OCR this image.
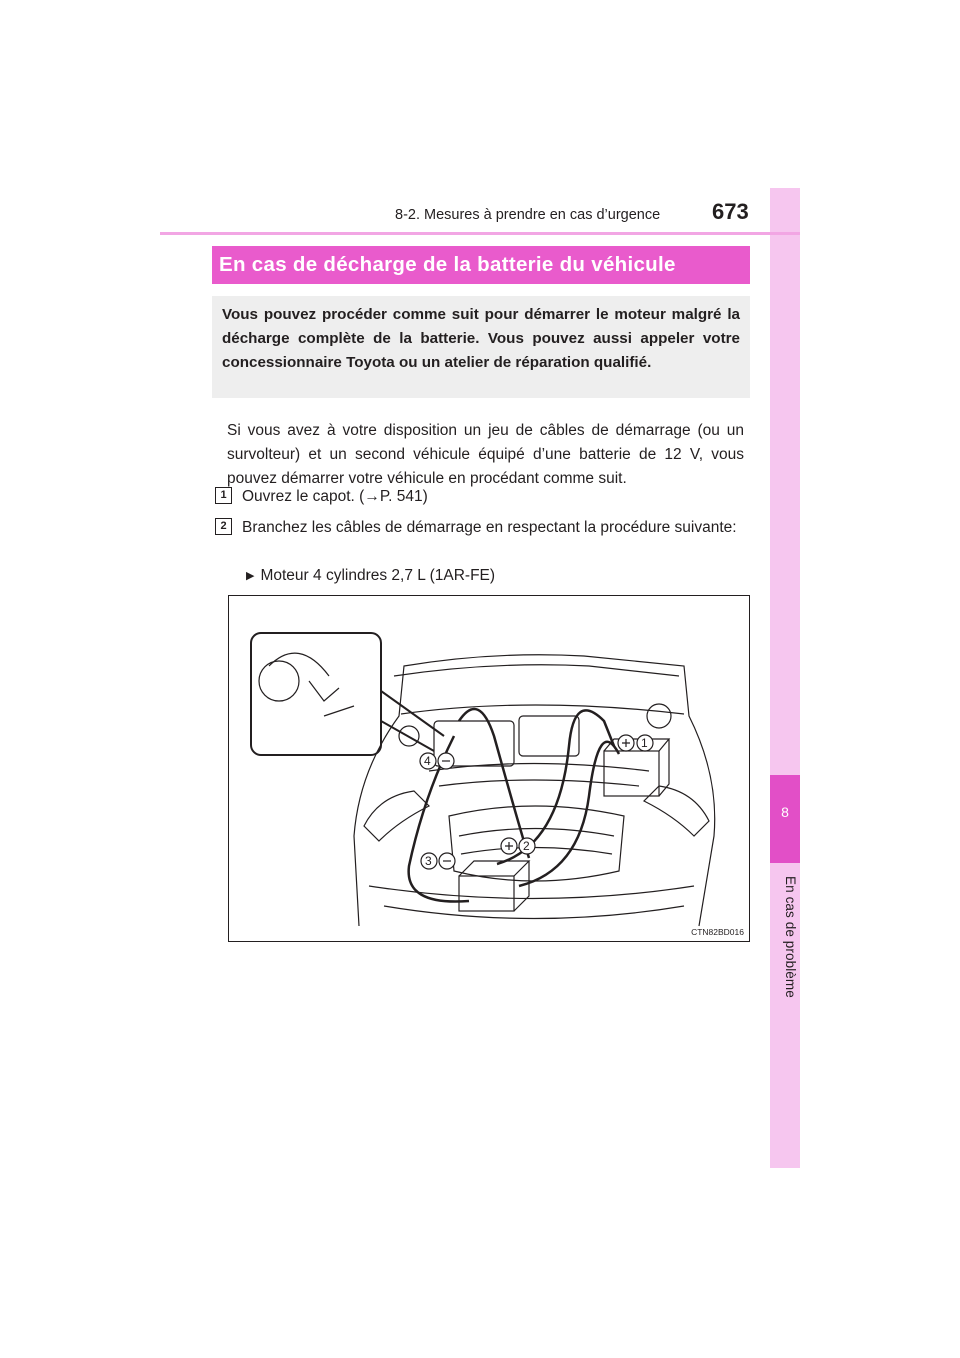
8
En cas de problème
8-2. Mesures à prendre en cas d’urgence 673
En cas de décharge de la batterie du véhicule
Vous pouvez procéder comme suit pour démarrer le moteur malgré la décharge complète de la batterie. Vous pouvez aussi appeler votre concessionnaire Toyota ou un atelier de réparation qualifié.
Si vous avez à votre disposition un jeu de câbles de démarrage (ou un survolteur) et un second véhicule équipé d’une batterie de 12 V, vous pouvez démarrer votre véhicule en procédant comme suit.
1 Ouvrez le capot. (→P. 541)
2 Branchez les câbles de démarrage en respectant la procédure suivante:
▶ Moteur 4 cylindres 2,7 L (1AR-FE)
1
2
3
4
CTN82BD016
